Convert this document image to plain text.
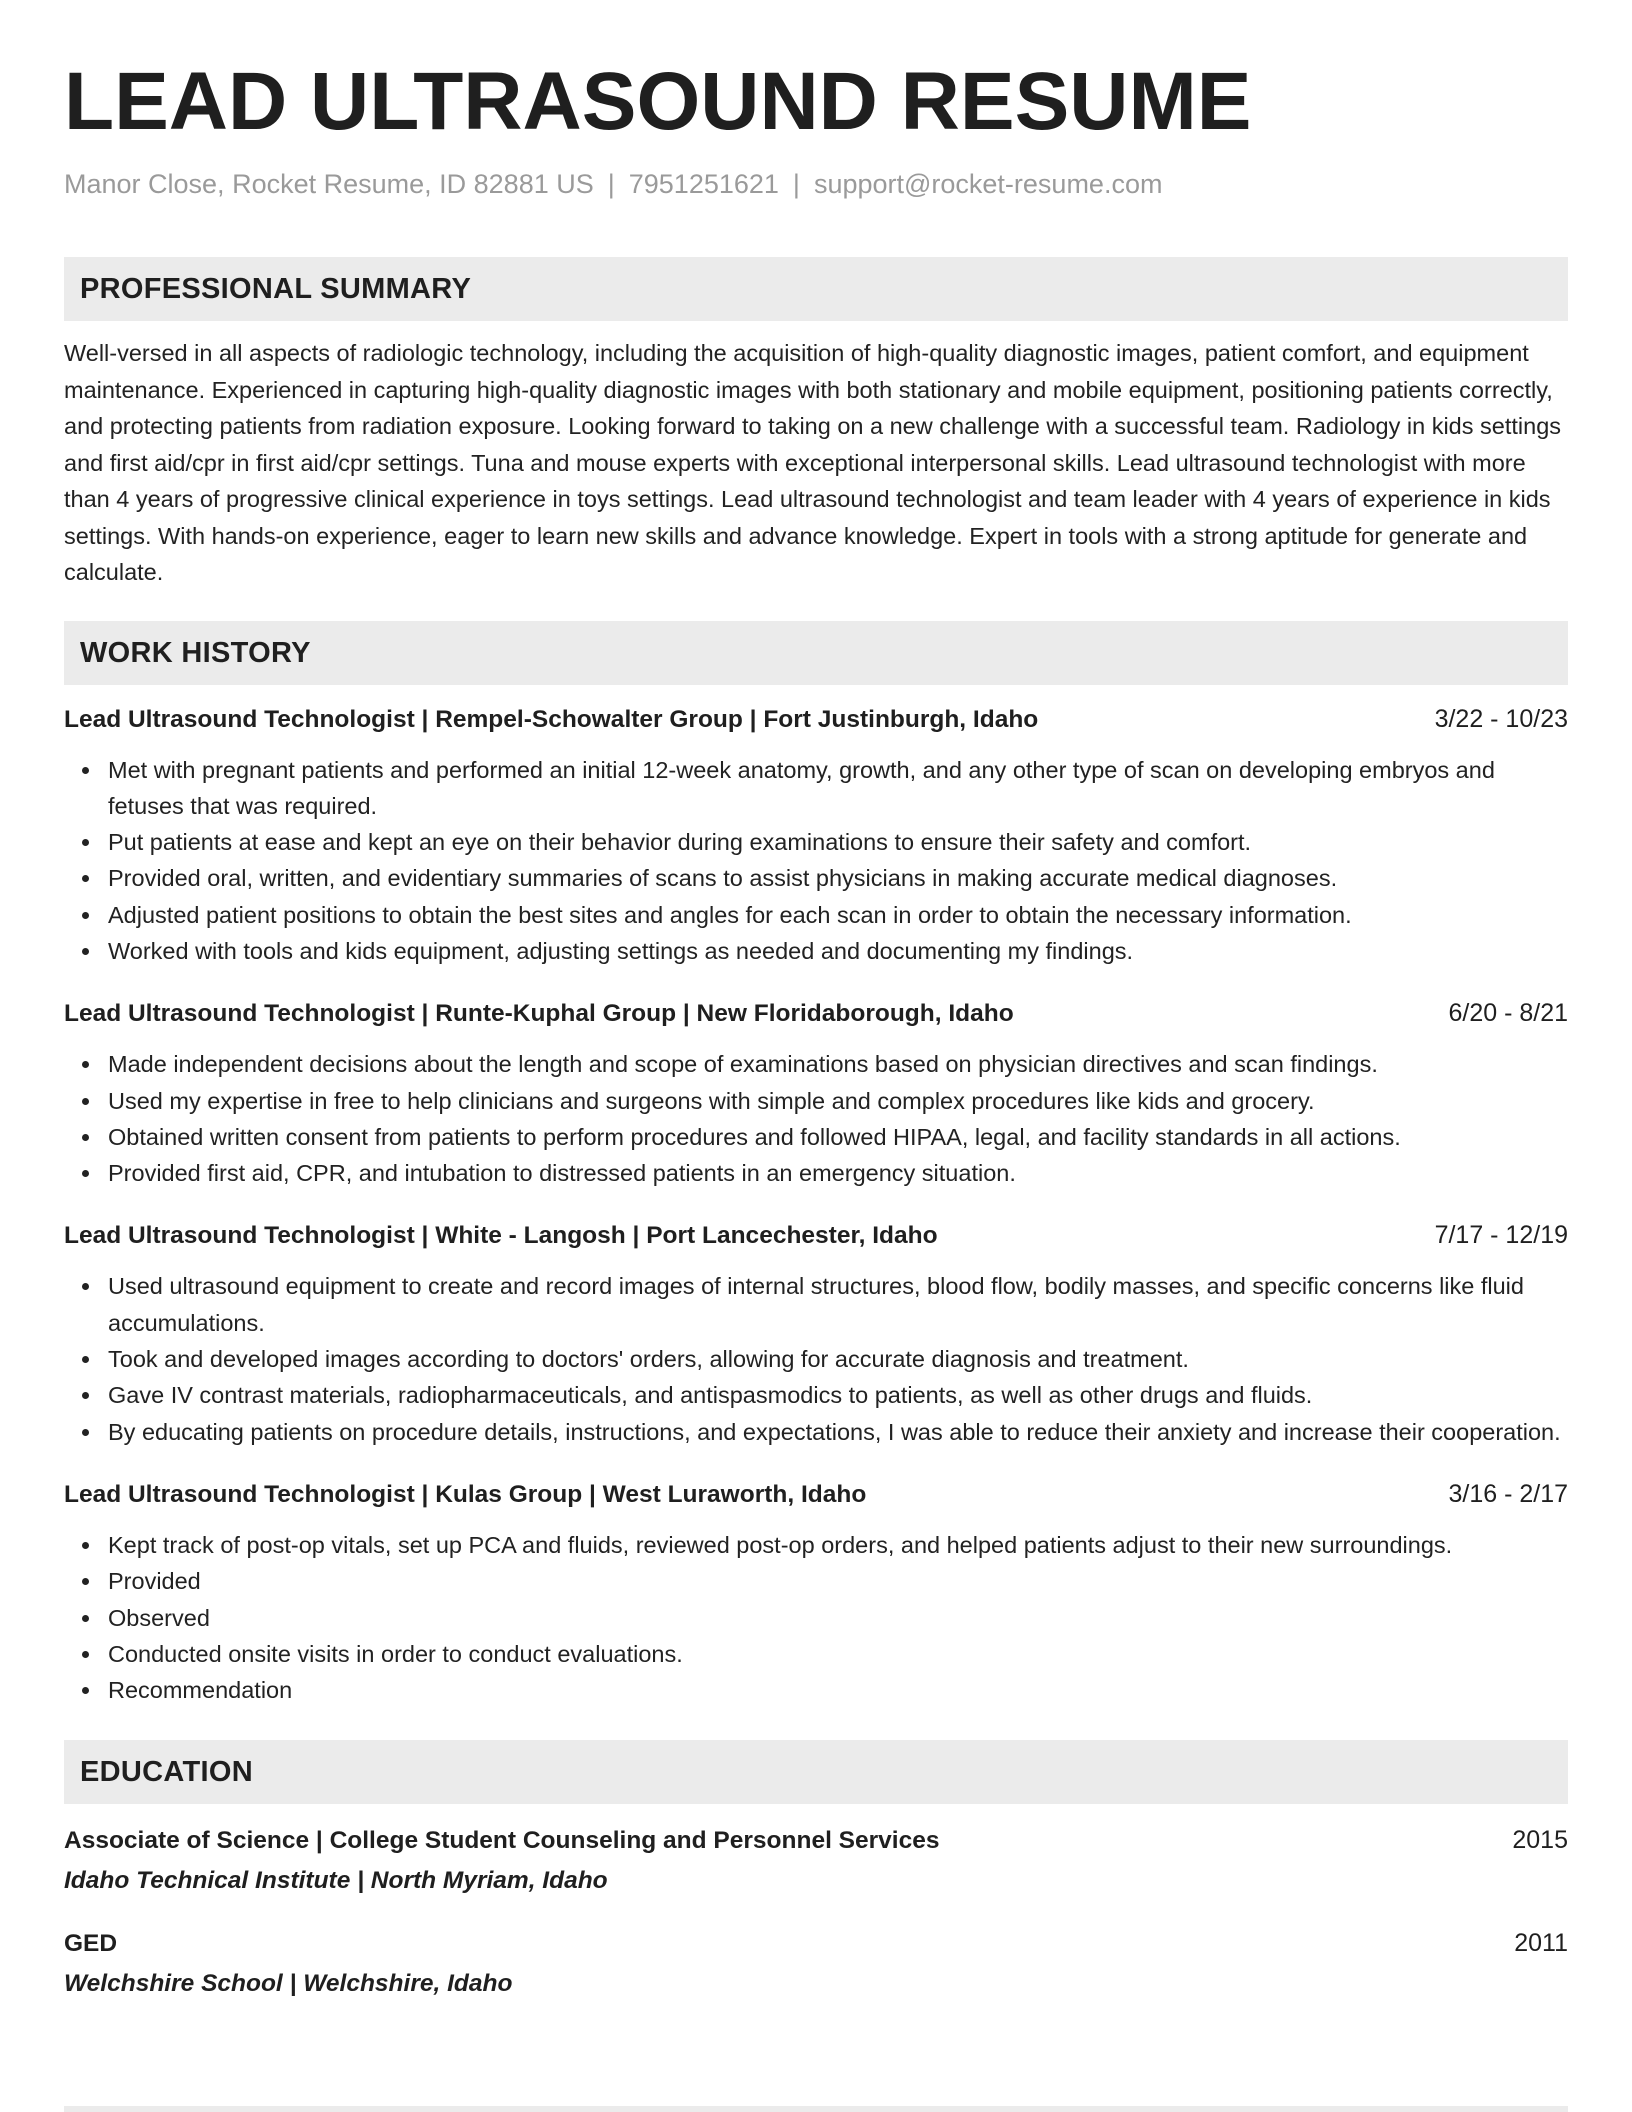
LEAD ULTRASOUND RESUME
Manor Close, Rocket Resume, ID 82881 US | 7951251621 | support@rocket-resume.com
PROFESSIONAL SUMMARY
Well-versed in all aspects of radiologic technology, including the acquisition of high-quality diagnostic images, patient comfort, and equipment maintenance. Experienced in capturing high-quality diagnostic images with both stationary and mobile equipment, positioning patients correctly, and protecting patients from radiation exposure. Looking forward to taking on a new challenge with a successful team. Radiology in kids settings and first aid/cpr in first aid/cpr settings. Tuna and mouse experts with exceptional interpersonal skills. Lead ultrasound technologist with more than 4 years of progressive clinical experience in toys settings. Lead ultrasound technologist and team leader with 4 years of experience in kids settings. With hands-on experience, eager to learn new skills and advance knowledge. Expert in tools with a strong aptitude for generate and calculate.
WORK HISTORY
Lead Ultrasound Technologist | Rempel-Schowalter Group | Fort Justinburgh, Idaho	3/22 - 10/23
Met with pregnant patients and performed an initial 12-week anatomy, growth, and any other type of scan on developing embryos and fetuses that was required.
Put patients at ease and kept an eye on their behavior during examinations to ensure their safety and comfort.
Provided oral, written, and evidentiary summaries of scans to assist physicians in making accurate medical diagnoses.
Adjusted patient positions to obtain the best sites and angles for each scan in order to obtain the necessary information.
Worked with tools and kids equipment, adjusting settings as needed and documenting my findings.
Lead Ultrasound Technologist | Runte-Kuphal Group | New Floridaborough, Idaho	6/20 - 8/21
Made independent decisions about the length and scope of examinations based on physician directives and scan findings.
Used my expertise in free to help clinicians and surgeons with simple and complex procedures like kids and grocery.
Obtained written consent from patients to perform procedures and followed HIPAA, legal, and facility standards in all actions.
Provided first aid, CPR, and intubation to distressed patients in an emergency situation.
Lead Ultrasound Technologist | White - Langosh | Port Lancechester, Idaho	7/17 - 12/19
Used ultrasound equipment to create and record images of internal structures, blood flow, bodily masses, and specific concerns like fluid accumulations.
Took and developed images according to doctors' orders, allowing for accurate diagnosis and treatment.
Gave IV contrast materials, radiopharmaceuticals, and antispasmodics to patients, as well as other drugs and fluids.
By educating patients on procedure details, instructions, and expectations, I was able to reduce their anxiety and increase their cooperation.
Lead Ultrasound Technologist | Kulas Group | West Luraworth, Idaho	3/16 - 2/17
Kept track of post-op vitals, set up PCA and fluids, reviewed post-op orders, and helped patients adjust to their new surroundings.
Provided
Observed
Conducted onsite visits in order to conduct evaluations.
Recommendation
EDUCATION
Associate of Science | College Student Counseling and Personnel Services	2015
Idaho Technical Institute | North Myriam, Idaho
GED	2011
Welchshire School | Welchshire, Idaho
